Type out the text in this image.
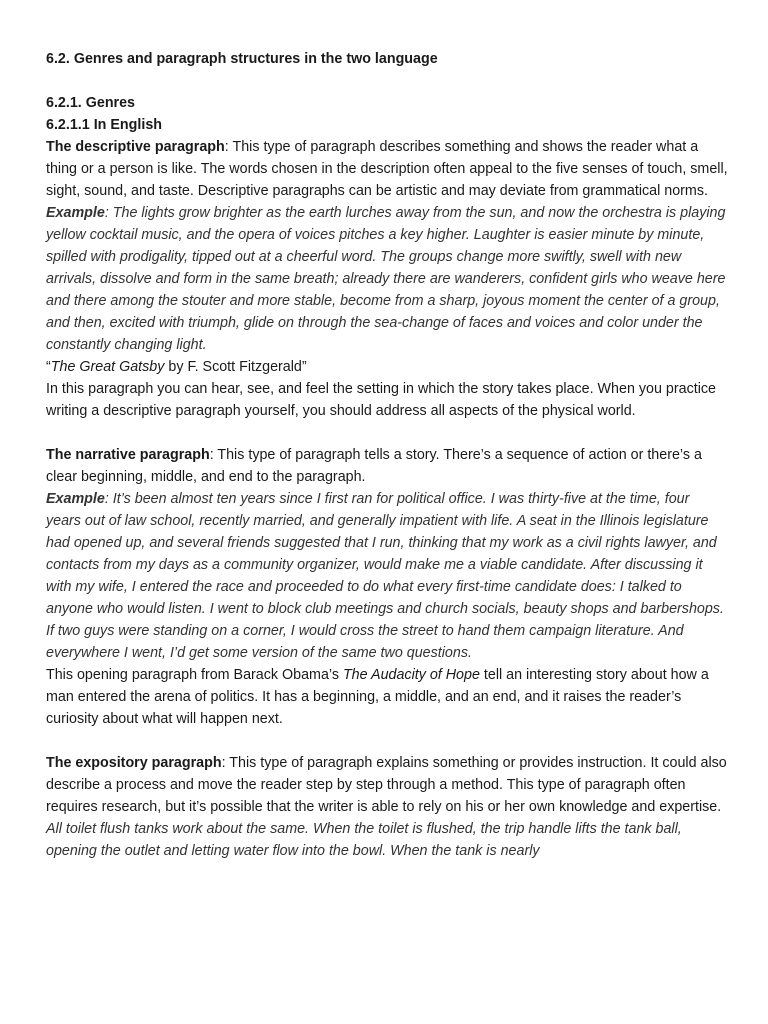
6.2. Genres and paragraph structures in the two language

6.2.1. Genres

6.2.1.1 In English

The descriptive paragraph: This type of paragraph describes something and shows the reader what a thing or a person is like. The words chosen in the description often appeal to the five senses of touch, smell, sight, sound, and taste. Descriptive paragraphs can be artistic and may deviate from grammatical norms.

Example: The lights grow brighter as the earth lurches away from the sun, and now the orchestra is playing yellow cocktail music, and the opera of voices pitches a key higher. Laughter is easier minute by minute, spilled with prodigality, tipped out at a cheerful word. The groups change more swiftly, swell with new arrivals, dissolve and form in the same breath; already there are wanderers, confident girls who weave here and there among the stouter and more stable, become from a sharp, joyous moment the center of a group, and then, excited with triumph, glide on through the sea-change of faces and voices and color under the constantly changing light.

“The Great Gatsby by F. Scott Fitzgerald”

In this paragraph you can hear, see, and feel the setting in which the story takes place. When you practice writing a descriptive paragraph yourself, you should address all aspects of the physical world.

The narrative paragraph: This type of paragraph tells a story. There’s a sequence of action or there’s a clear beginning, middle, and end to the paragraph.

Example: It’s been almost ten years since I first ran for political office. I was thirty-five at the time, four years out of law school, recently married, and generally impatient with life. A seat in the Illinois legislature had opened up, and several friends suggested that I run, thinking that my work as a civil rights lawyer, and contacts from my days as a community organizer, would make me a viable candidate. After discussing it with my wife, I entered the race and proceeded to do what every first-time candidate does: I talked to anyone who would listen. I went to block club meetings and church socials, beauty shops and barbershops. If two guys were standing on a corner, I would cross the street to hand them campaign literature. And everywhere I went, I’d get some version of the same two questions.

This opening paragraph from Barack Obama’s The Audacity of Hope tell an interesting story about how a man entered the arena of politics. It has a beginning, a middle, and an end, and it raises the reader’s curiosity about what will happen next.

The expository paragraph: This type of paragraph explains something or provides instruction. It could also describe a process and move the reader step by step through a method. This type of paragraph often requires research, but it’s possible that the writer is able to rely on his or her own knowledge and expertise.

All toilet flush tanks work about the same. When the toilet is flushed, the trip handle lifts the tank ball, opening the outlet and letting water flow into the bowl. When the tank is nearly
